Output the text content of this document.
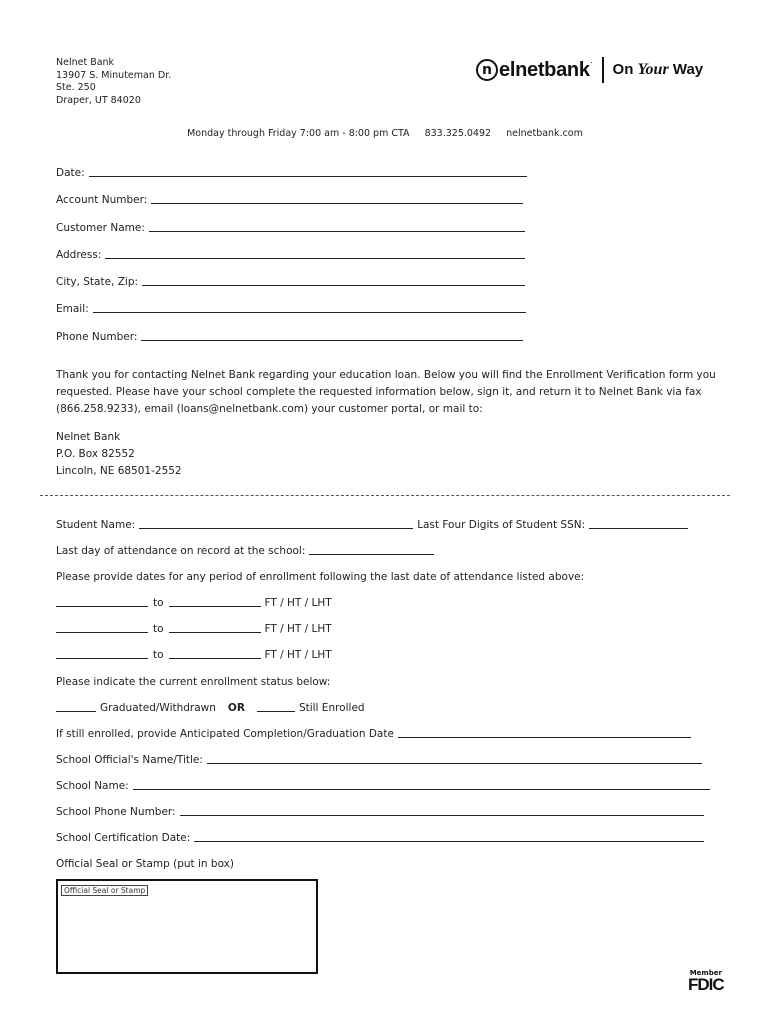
Nelnet Bank
13907 S. Minuteman Dr.
Ste. 250
Draper, UT 84020
n elnetbank. On Your Way
Monday through Friday 7:00 am - 8:00 pm CTA 833.325.0492 nelnetbank.com
Date:
Account Number:
Customer Name:
Address:
City, State, Zip:
Email:
Phone Number:
Thank you for contacting Nelnet Bank regarding your education loan. Below you will find the Enrollment Verification form you requested. Please have your school complete the requested information below, sign it, and return it to Nelnet Bank via fax (866.258.9233), email (loans@nelnetbank.com) your customer portal, or mail to:
Nelnet Bank
P.O. Box 82552
Lincoln, NE 68501-2552
Student Name:	Last Four Digits of Student SSN:
Last day of attendance on record at the school:
Please provide dates for any period of enrollment following the last date of attendance listed above:
to	FT / HT / LHT
to	FT / HT / LHT
to	FT / HT / LHT
Please indicate the current enrollment status below:
Graduated/Withdrawn OR	Still Enrolled
If still enrolled, provide Anticipated Completion/Graduation Date
School Official's Name/Title:
School Name:
School Phone Number:
School Certification Date:
Official Seal or Stamp (put in box)
Official Seal or Stamp
Member
FDIC
